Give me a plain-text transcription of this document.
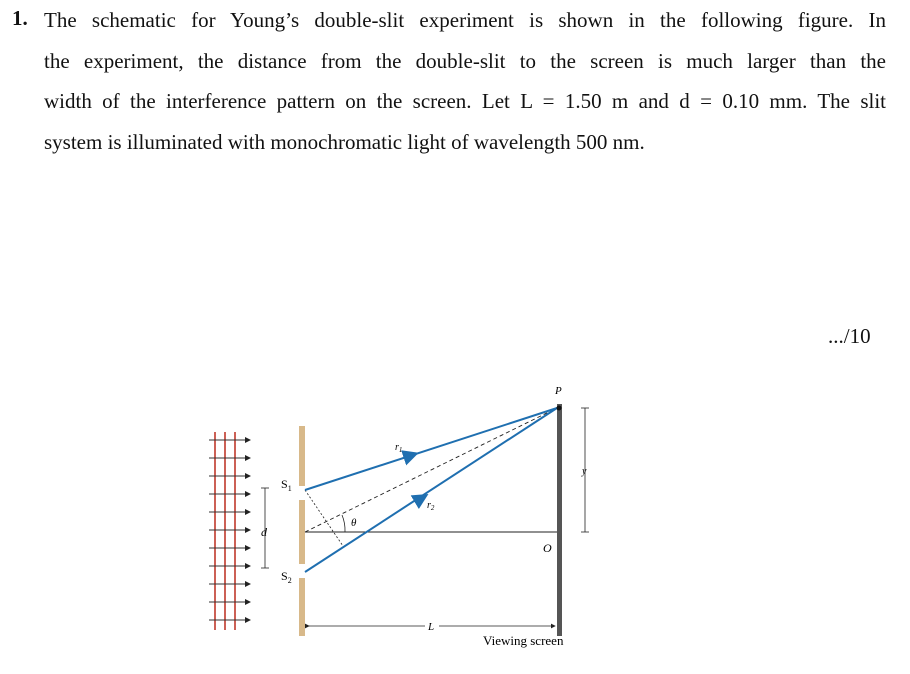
1. The schematic for Young’s double-slit experiment is shown in the following figure. In
the experiment, the distance from the double-slit to the screen is much larger than the
width of the interference pattern on the screen. Let L = 1.50 m and d = 0.10 mm. The slit
system is illuminated with monochromatic light of wavelength 500 nm.
.../10
d
$S_1$
$S_2$
θ
$r_1$
$r_2$
P
O
y
L
Viewing screen
